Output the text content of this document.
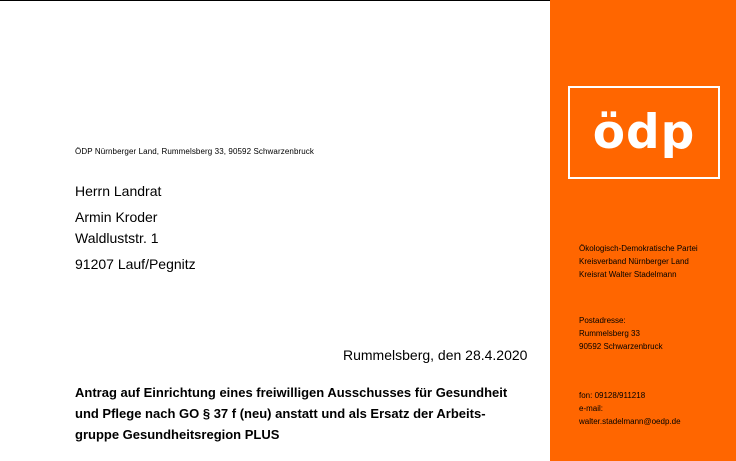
ÖDP Nürnberger Land, Rummelsberg 33, 90592 Schwarzenbruck
Herrn Landrat
Armin Kroder
Waldluststr. 1
91207 Lauf/Pegnitz
Rummelsberg, den 28.4.2020
Antrag auf Einrichtung eines freiwilligen Ausschusses für Gesundheit
und Pflege nach GO § 37 f (neu) anstatt und als Ersatz der Arbeits-
gruppe Gesundheitsregion PLUS
ödp
Ökologisch-Demokratische Partei
Kreisverband Nürnberger Land
Kreisrat Walter Stadelmann
Postadresse:
Rummelsberg 33
90592 Schwarzenbruck
fon: 09128/911218
e-mail:
walter.stadelmann@oedp.de
